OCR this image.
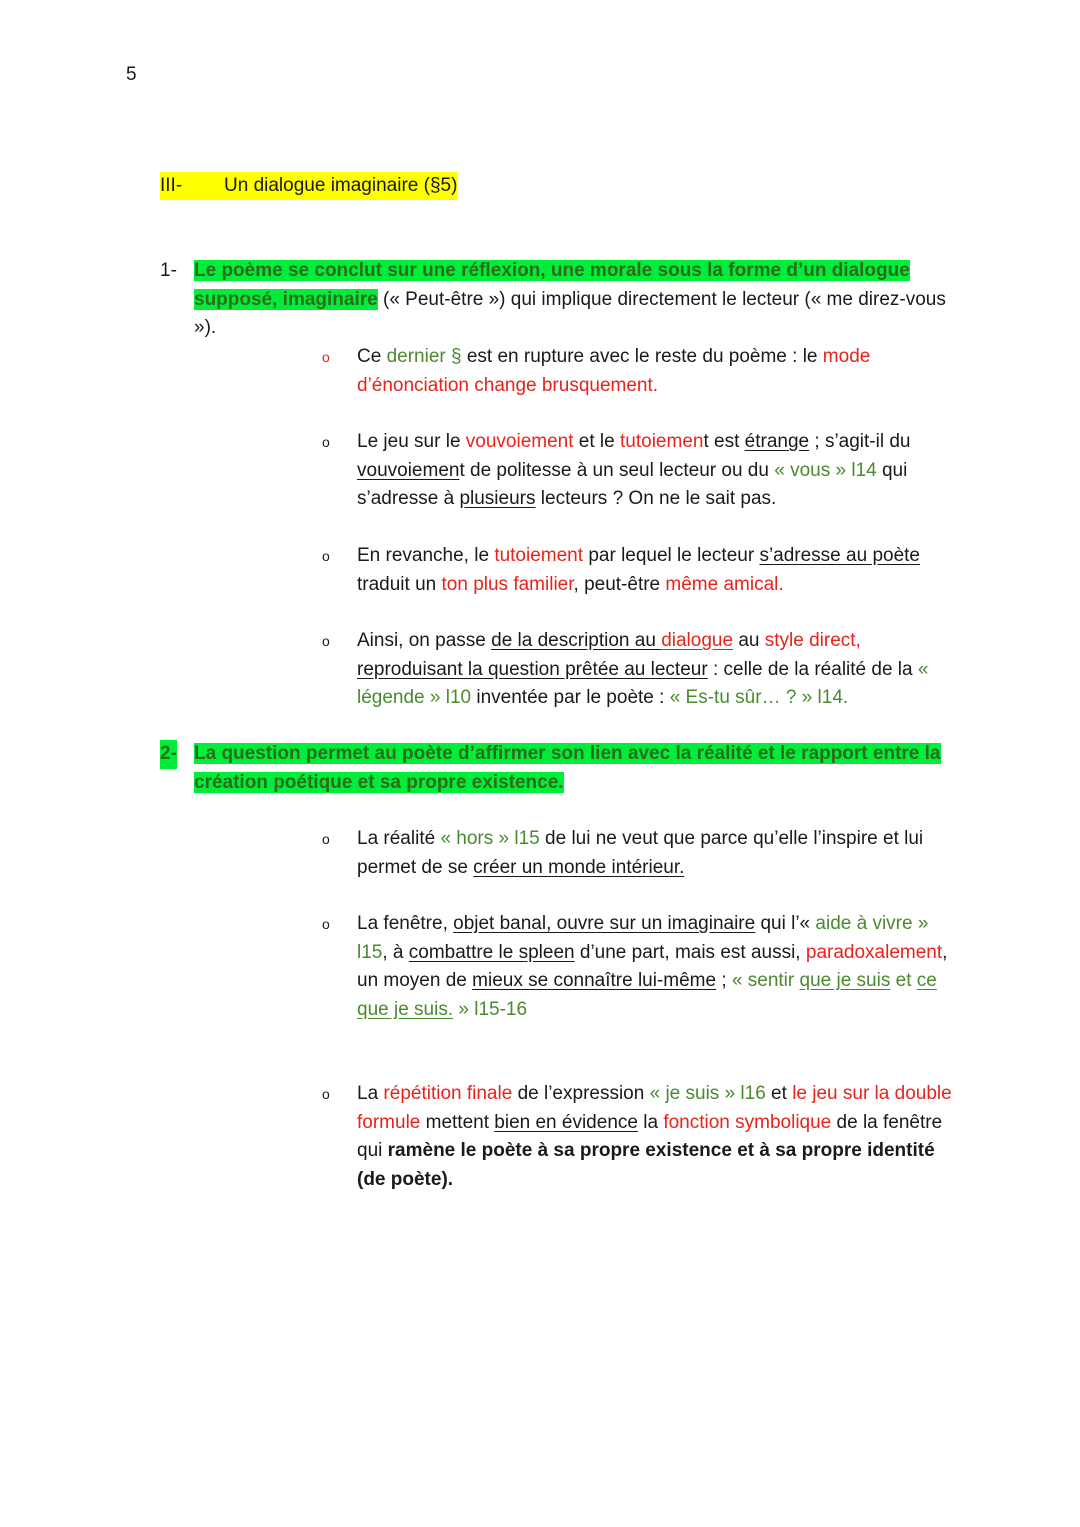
5
III- Un dialogue imaginaire (§5)
1- Le poème se conclut sur une réflexion, une morale sous la forme d’un dialogue supposé, imaginaire (« Peut-être ») qui implique directement le lecteur (« me direz-vous »).
o Ce dernier § est en rupture avec le reste du poème : le mode d’énonciation change brusquement.
o Le jeu sur le vouvoiement et le tutoiement est étrange ; s’agit-il du vouvoiement de politesse à un seul lecteur ou du « vous » l14 qui s’adresse à plusieurs lecteurs ? On ne le sait pas.
o En revanche, le tutoiement par lequel le lecteur s’adresse au poète traduit un ton plus familier, peut-être même amical.
o Ainsi, on passe de la description au dialogue au style direct, reproduisant la question prêtée au lecteur : celle de la réalité de la « légende » l10 inventée par le poète : « Es-tu sûr… ? » l14.
2- La question permet au poète d’affirmer son lien avec la réalité et le rapport entre la création poétique et sa propre existence.
o La réalité « hors » l15 de lui ne veut que parce qu’elle l’inspire et lui permet de se créer un monde intérieur.
o La fenêtre, objet banal, ouvre sur un imaginaire qui l’« aide à vivre » l15, à combattre le spleen d’une part, mais est aussi, paradoxalement, un moyen de mieux se connaître lui-même ; « sentir que je suis et ce que je suis. » l15-16
o La répétition finale de l’expression « je suis » l16 et le jeu sur la double formule mettent bien en évidence la fonction symbolique de la fenêtre qui ramène le poète à sa propre existence et à sa propre identité (de poète).
